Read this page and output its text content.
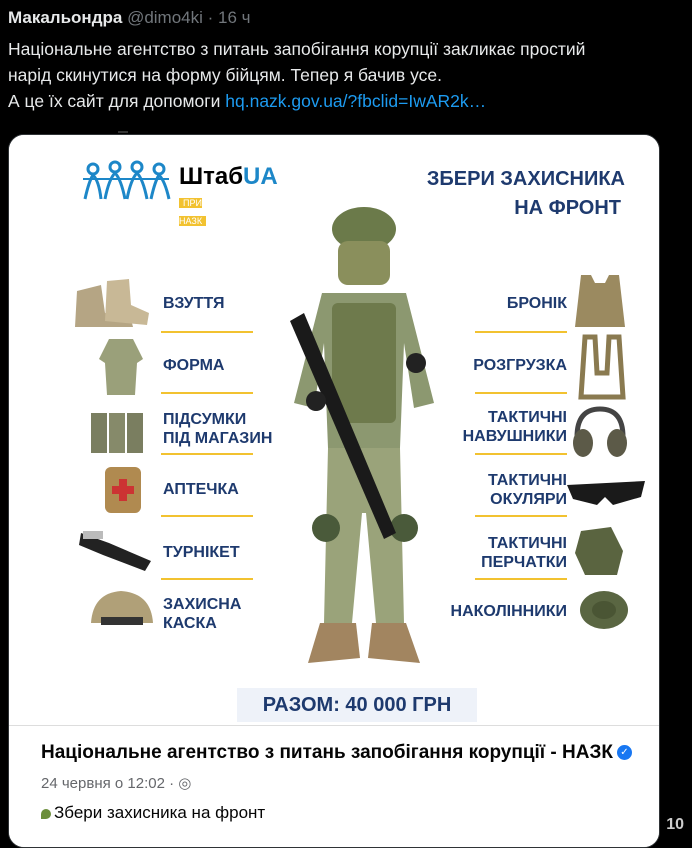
Макальондра @dimo4ki · 16 ч
Національне агентство з питань запобігання корупції закликає простий
нарід скинутися на форму бійцям. Тепер я бачив усе.
А це їх сайт для допомоги hq.nazk.gov.ua/?fbclid=IwAR2k…
ШтабUA
ПРИ НАЗК
ЗБЕРИ ЗАХИСНИКА
НА ФРОНТ
ВЗУТТЯ
ФОРМА
ПІДСУМКИ
ПІД МАГАЗИН
АПТЕЧКА
ТУРНІКЕТ
ЗАХИСНА
КАСКА
БРОНІК
РОЗГРУЗКА
ТАКТИЧНІ
НАВУШНИКИ
ТАКТИЧНІ
ОКУЛЯРИ
ТАКТИЧНІ
ПЕРЧАТКИ
НАКОЛІННИКИ
РАЗОМ: 40 000 ГРН
Національне агентство з питань запобігання корупції - НАЗК ✓
24 червня о 12:02 · ◎
Збери захисника на фронт
10
